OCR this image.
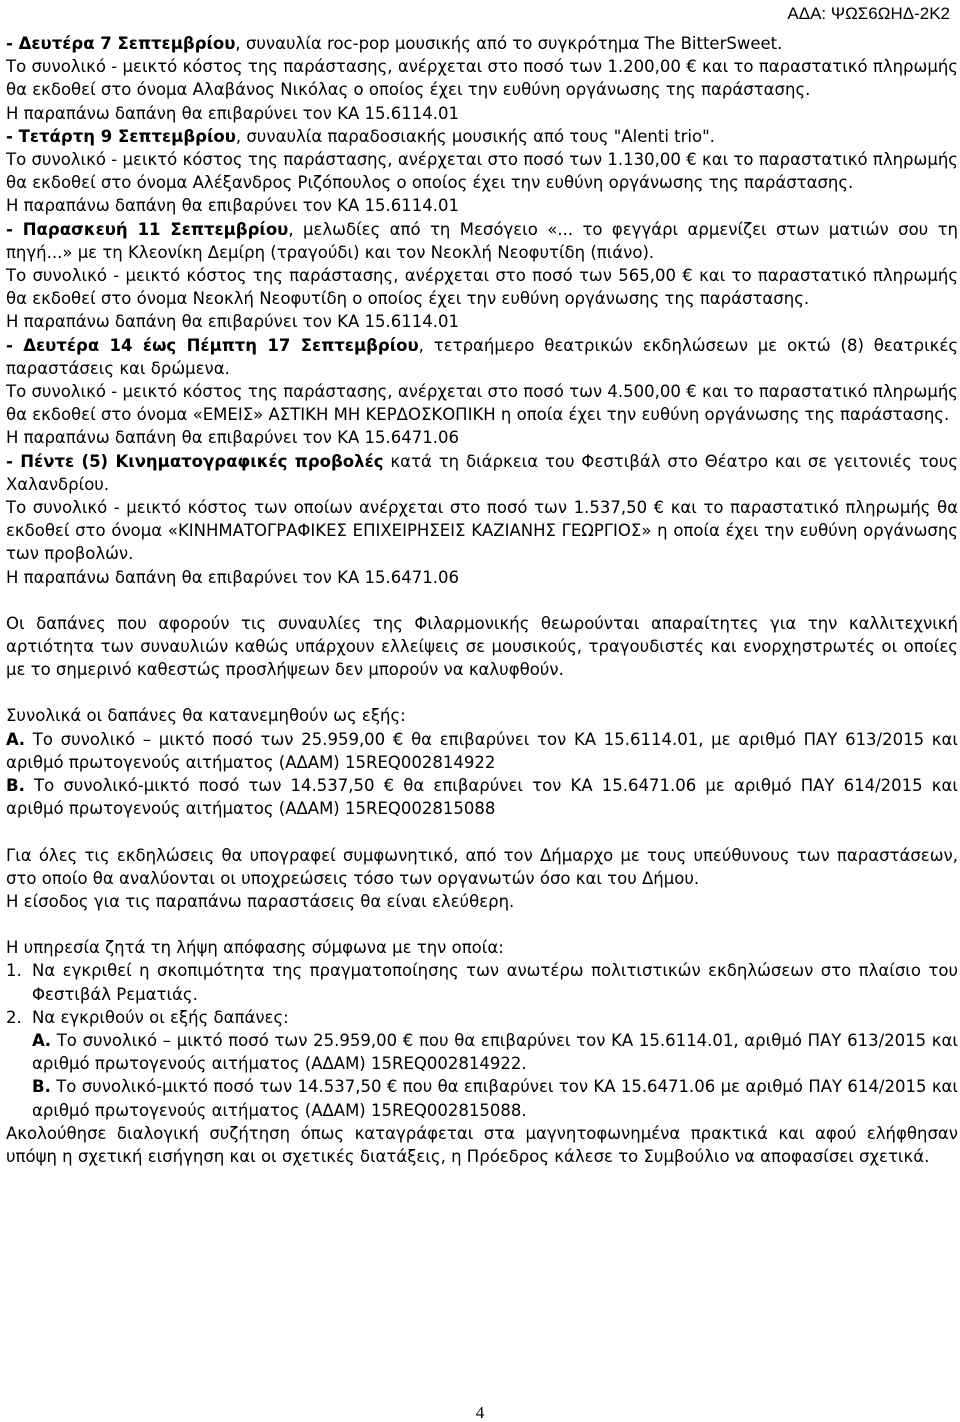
ΑΔΑ: ΨΩΣ6ΩΗΔ-2Κ2

- Δευτέρα 7 Σεπτεμβρίου, συναυλία roc-pop μουσικής από το συγκρότημα The BitterSweet.

Το συνολικό - μεικτό κόστος της παράστασης, ανέρχεται στο ποσό των 1.200,00 € και το παραστατικό πληρωμής θα εκδοθεί στο όνομα Αλαβάνος Νικόλας ο οποίος έχει την ευθύνη οργάνωσης της παράστασης.

Η παραπάνω δαπάνη θα επιβαρύνει τον ΚΑ 15.6114.01

- Τετάρτη 9 Σεπτεμβρίου, συναυλία παραδοσιακής μουσικής από τους "Alenti trio".

Το συνολικό - μεικτό κόστος της παράστασης, ανέρχεται στο ποσό των 1.130,00 € και το παραστατικό πληρωμής θα εκδοθεί στο όνομα Αλέξανδρος Ριζόπουλος ο οποίος έχει την ευθύνη οργάνωσης της παράστασης.

Η παραπάνω δαπάνη θα επιβαρύνει τον ΚΑ 15.6114.01

- Παρασκευή 11 Σεπτεμβρίου, μελωδίες από τη Μεσόγειο «... το φεγγάρι αρμενίζει στων ματιών σου τη πηγή...» με τη Κλεονίκη Δεμίρη (τραγούδι) και τον Νεοκλή Νεοφυτίδη (πιάνο).

Το συνολικό - μεικτό κόστος της παράστασης, ανέρχεται στο ποσό των 565,00 € και το παραστατικό πληρωμής θα εκδοθεί στο όνομα Νεοκλή Νεοφυτίδη ο οποίος έχει την ευθύνη οργάνωσης της παράστασης.

Η παραπάνω δαπάνη θα επιβαρύνει τον ΚΑ 15.6114.01

- Δευτέρα 14 έως Πέμπτη 17 Σεπτεμβρίου, τετραήμερο θεατρικών εκδηλώσεων με οκτώ (8) θεατρικές παραστάσεις και δρώμενα.

Το συνολικό - μεικτό κόστος της παράστασης, ανέρχεται στο ποσό των 4.500,00 € και το παραστατικό πληρωμής θα εκδοθεί στο όνομα «ΕΜΕΙΣ» ΑΣΤΙΚΗ ΜΗ ΚΕΡΔΟΣΚΟΠΙΚΗ η οποία έχει την ευθύνη οργάνωσης της παράστασης.

Η παραπάνω δαπάνη θα επιβαρύνει τον ΚΑ 15.6471.06

- Πέντε (5) Κινηματογραφικές προβολές κατά τη διάρκεια του Φεστιβάλ στο Θέατρο και σε γειτονιές τους Χαλανδρίου.

Το συνολικό - μεικτό κόστος των οποίων ανέρχεται στο ποσό των 1.537,50 € και το παραστατικό πληρωμής θα εκδοθεί στο όνομα «ΚΙΝΗΜΑΤΟΓΡΑΦΙΚΕΣ ΕΠΙΧΕΙΡΗΣΕΙΣ ΚΑΖΙΑΝΗΣ ΓΕΩΡΓΙΟΣ» η οποία έχει την ευθύνη οργάνωσης των προβολών.

Η παραπάνω δαπάνη θα επιβαρύνει τον ΚΑ 15.6471.06

Οι δαπάνες που αφορούν τις συναυλίες της Φιλαρμονικής θεωρούνται απαραίτητες για την καλλιτεχνική αρτιότητα των συναυλιών καθώς υπάρχουν ελλείψεις σε μουσικούς, τραγουδιστές και ενορχηστρωτές οι οποίες με το σημερινό καθεστώς προσλήψεων δεν μπορούν να καλυφθούν.

Συνολικά οι δαπάνες θα κατανεμηθούν ως εξής:

Α. Το συνολικό – μικτό ποσό των 25.959,00 € θα επιβαρύνει τον ΚΑ 15.6114.01, με αριθμό ΠΑΥ 613/2015 και αριθμό πρωτογενούς αιτήματος (ΑΔΑΜ) 15REQ002814922

Β. Το συνολικό-μικτό ποσό των 14.537,50 € θα επιβαρύνει τον ΚΑ 15.6471.06 με αριθμό ΠΑΥ 614/2015 και αριθμό πρωτογενούς αιτήματος (ΑΔΑΜ) 15REQ002815088

Για όλες τις εκδηλώσεις θα υπογραφεί συμφωνητικό, από τον Δήμαρχο με τους υπεύθυνους των παραστάσεων, στο οποίο θα αναλύονται οι υποχρεώσεις τόσο των οργανωτών όσο και του Δήμου.

Η είσοδος για τις παραπάνω παραστάσεις θα είναι ελεύθερη.

Η υπηρεσία ζητά τη λήψη απόφασης σύμφωνα με την οποία:

1. Να εγκριθεί η σκοπιμότητα της πραγματοποίησης των ανωτέρω πολιτιστικών εκδηλώσεων στο πλαίσιο του Φεστιβάλ Ρεματιάς.
2. Να εγκριθούν οι εξής δαπάνες:

Α. Το συνολικό – μικτό ποσό των 25.959,00 € που θα επιβαρύνει τον ΚΑ 15.6114.01, αριθμό ΠΑΥ 613/2015 και αριθμό πρωτογενούς αιτήματος (ΑΔΑΜ) 15REQ002814922.

Β. Το συνολικό-μικτό ποσό των 14.537,50 € που θα επιβαρύνει τον ΚΑ 15.6471.06 με αριθμό ΠΑΥ 614/2015 και αριθμό πρωτογενούς αιτήματος (ΑΔΑΜ) 15REQ002815088.

Ακολούθησε διαλογική συζήτηση όπως καταγράφεται στα μαγνητοφωνημένα πρακτικά και αφού ελήφθησαν υπόψη η σχετική εισήγηση και οι σχετικές διατάξεις, η Πρόεδρος κάλεσε το Συμβούλιο να αποφασίσει σχετικά.

4
